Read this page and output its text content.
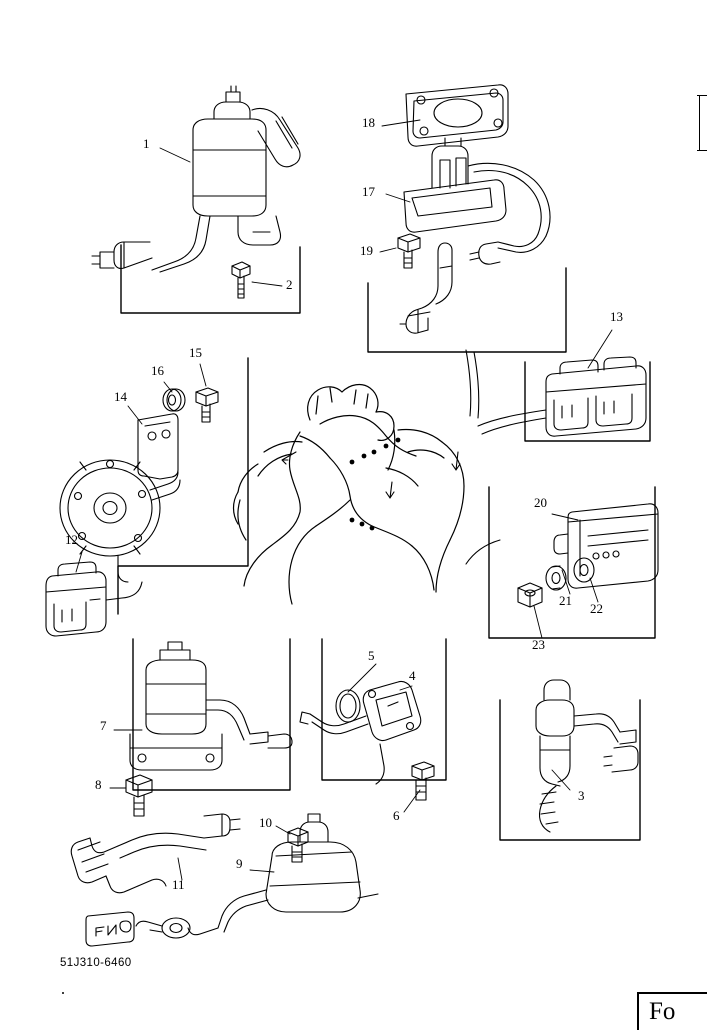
1
2
3
4
5
6
7
8
9
10
11
12
13
14
15
16
17
18
19
20
21
22
23
51J310-6460
Fo
